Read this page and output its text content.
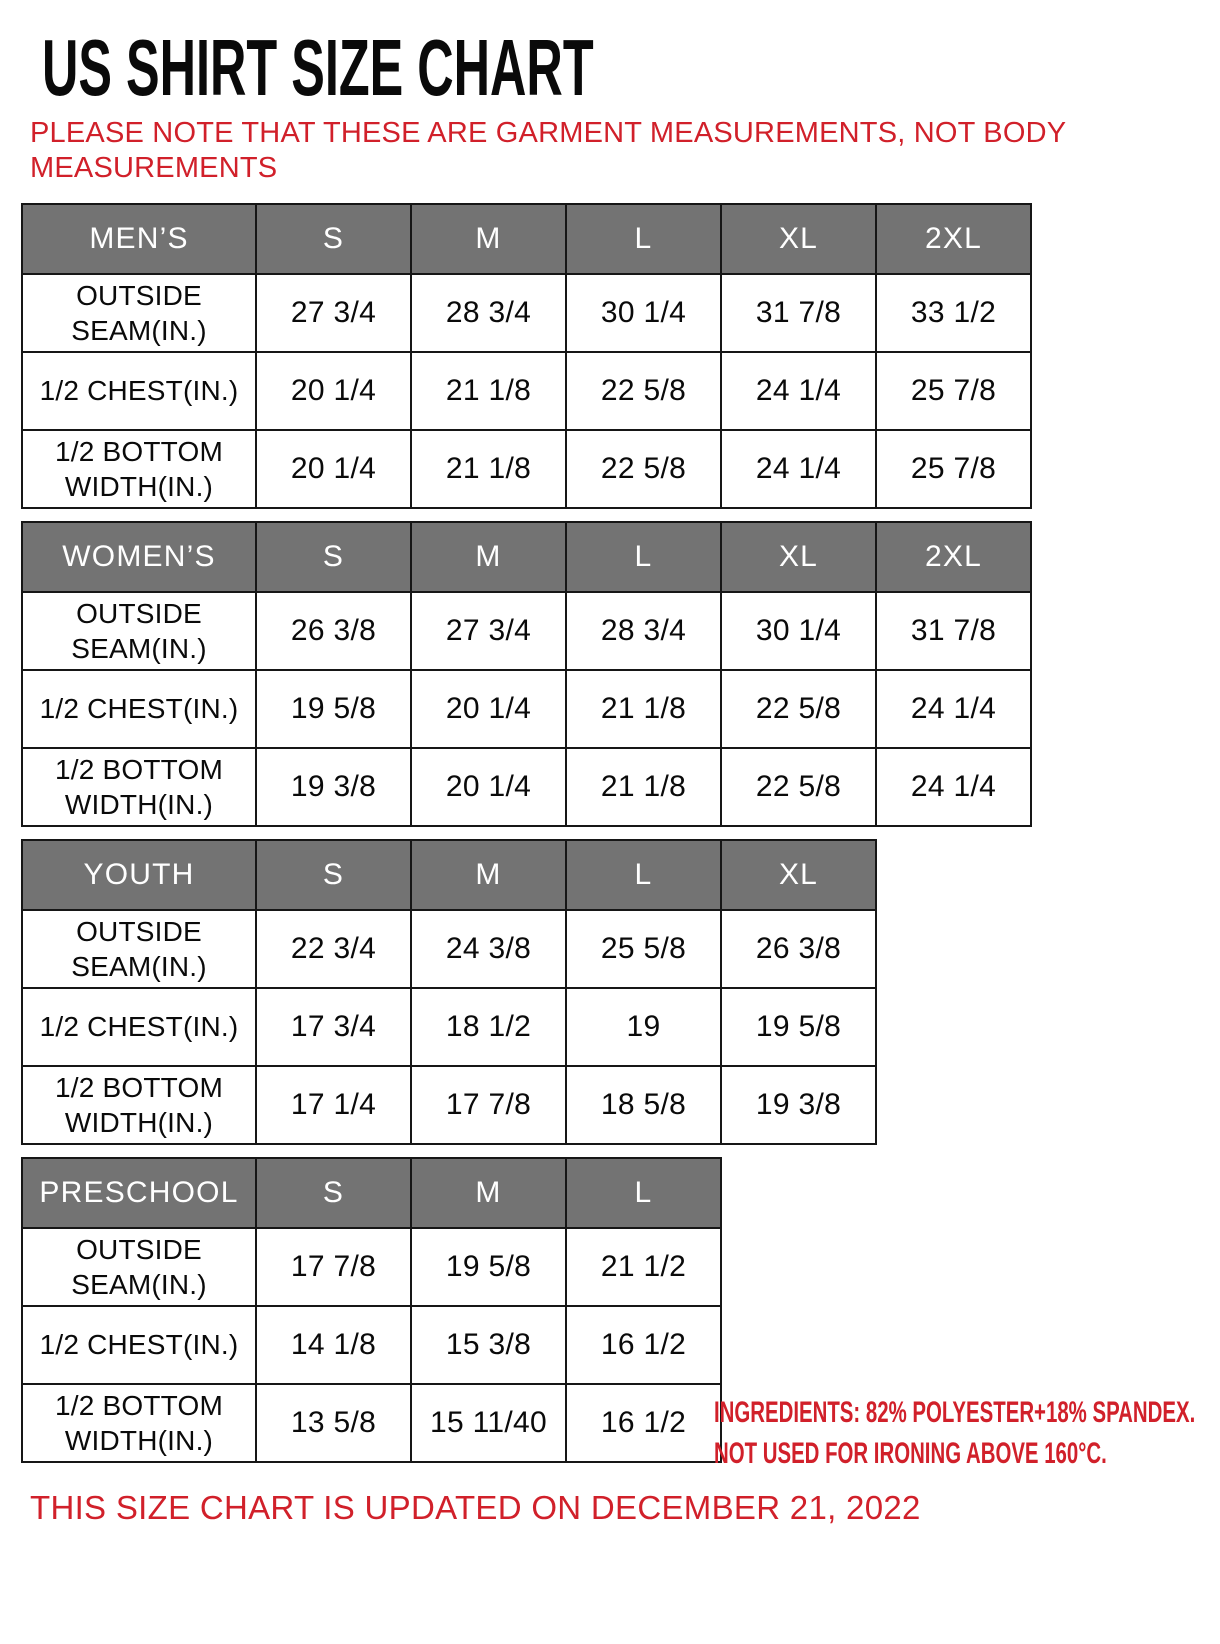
US SHIRT SIZE CHART

PLEASE NOTE THAT THESE ARE GARMENT MEASUREMENTS, NOT BODY MEASUREMENTS

MEN’S	S	M	L	XL	2XL
OUTSIDE SEAM(IN.)	27 3/4	28 3/4	30 1/4	31 7/8	33 1/2
1/2 CHEST(IN.)	20 1/4	21 1/8	22 5/8	24 1/4	25 7/8
1/2 BOTTOM WIDTH(IN.)	20 1/4	21 1/8	22 5/8	24 1/4	25 7/8
WOMEN’S	S	M	L	XL	2XL
OUTSIDE SEAM(IN.)	26 3/8	27 3/4	28 3/4	30 1/4	31 7/8
1/2 CHEST(IN.)	19 5/8	20 1/4	21 1/8	22 5/8	24 1/4
1/2 BOTTOM WIDTH(IN.)	19 3/8	20 1/4	21 1/8	22 5/8	24 1/4
YOUTH	S	M	L	XL
OUTSIDE SEAM(IN.)	22 3/4	24 3/8	25 5/8	26 3/8
1/2 CHEST(IN.)	17 3/4	18 1/2	19	19 5/8
1/2 BOTTOM WIDTH(IN.)	17 1/4	17 7/8	18 5/8	19 3/8
PRESCHOOL	S	M	L
OUTSIDE SEAM(IN.)	17 7/8	19 5/8	21 1/2
1/2 CHEST(IN.)	14 1/8	15 3/8	16 1/2
1/2 BOTTOM WIDTH(IN.)	13 5/8	15 11/40	16 1/2 INGREDIENTS: 82% POLYESTER+18% SPANDEX.
NOT USED FOR IRONING ABOVE 160°C.

THIS SIZE CHART IS UPDATED ON DECEMBER 21, 2022
